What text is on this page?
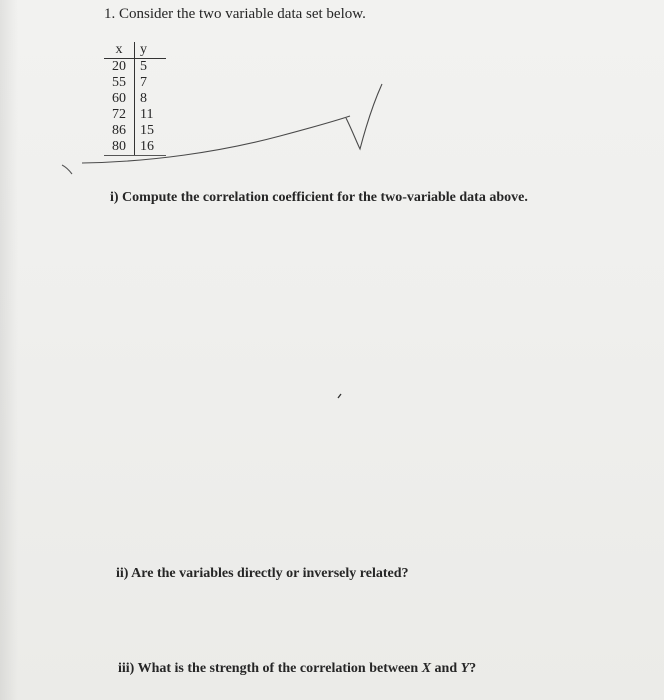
1. Consider the two variable data set below.
x	y
20	5
55	7
60	8
72	11
86	15
80	16
i) Compute the correlation coefficient for the two-variable data above.
ii) Are the variables directly or inversely related?
iii) What is the strength of the correlation between X and Y?
